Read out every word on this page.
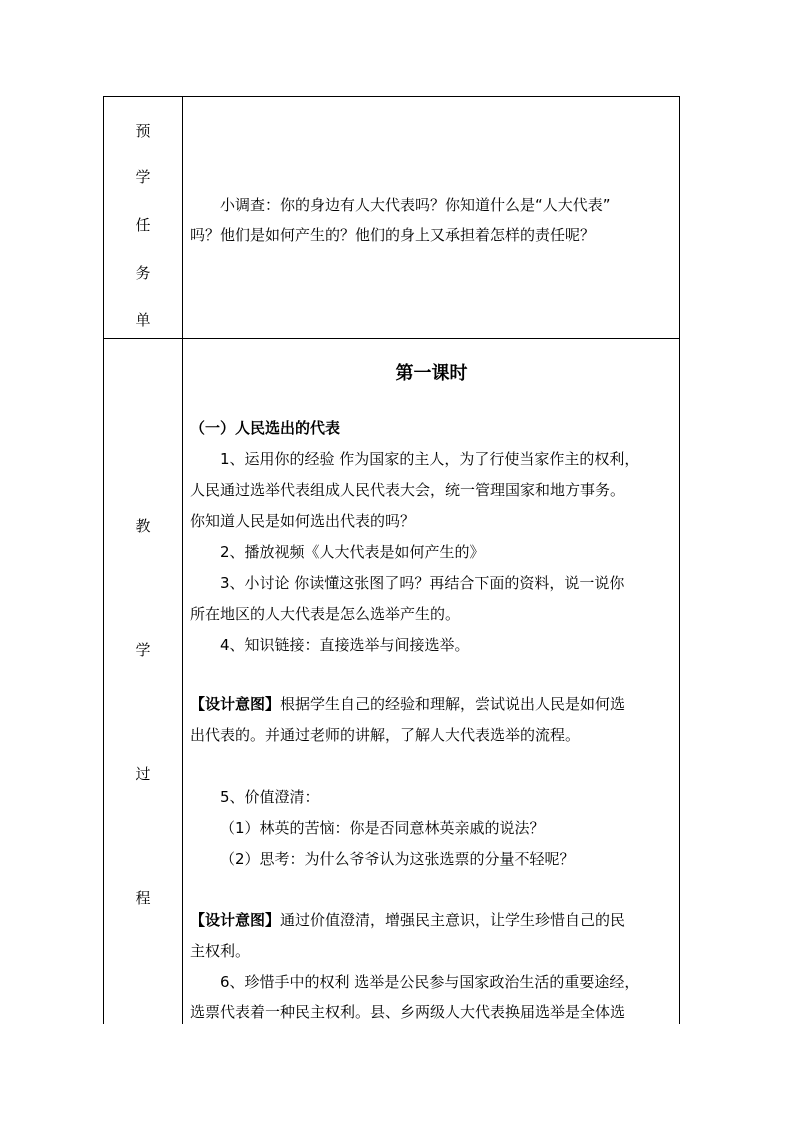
预
学
任
务
单
小调查：你的身边有人大代表吗？你知道什么是“人大代表”
吗？他们是如何产生的？他们的身上又承担着怎样的责任呢？
教
学
过
程
第一课时
（一）人民选出的代表
1、运用你的经验 作为国家的主人，为了行使当家作主的权利，
人民通过选举代表组成人民代表大会，统一管理国家和地方事务。
你知道人民是如何选出代表的吗？
2、播放视频《人大代表是如何产生的》
3、小讨论 你读懂这张图了吗？再结合下面的资料，说一说你
所在地区的人大代表是怎么选举产生的。
4、知识链接：直接选举与间接选举。
【设计意图】根据学生自己的经验和理解，尝试说出人民是如何选
出代表的。并通过老师的讲解，了解人大代表选举的流程。
5、价值澄清：
（1）林英的苦恼：你是否同意林英亲戚的说法？
（2）思考：为什么爷爷认为这张选票的分量不轻呢？
【设计意图】通过价值澄清，增强民主意识，让学生珍惜自己的民
主权利。
6、珍惜手中的权利 选举是公民参与国家政治生活的重要途经，
选票代表着一种民主权利。县、乡两级人大代表换届选举是全体选
